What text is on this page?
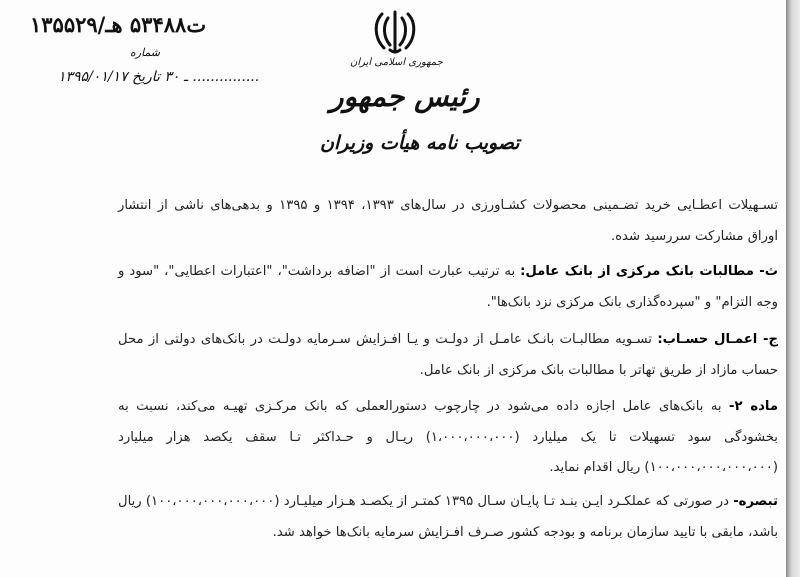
۱۳۵۵۲۹/ت۵۳۴۸۸ هـ
شماره
۱۳۹۵/۰۱/۱۷ ـ ۳۰ تاریخ ...............
جمهوری اسلامی ایران
رئیس جمهور
تصویب نامه هیأت وزیران
تسـهیلات اعطـایی خرید تضـمینی محصولات کشـاورزی در سال‌های ۱۳۹۳، ۱۳۹۴ و ۱۳۹۵ و بدهی‌های ناشی از انتشار اوراق مشارکت سررسید شده.
ث- مطالبات بانک مرکزی از بانک عامل: به ترتیب عبارت است از "اضافه برداشت"، "اعتبارات اعطایی"، "سود و وجه التزام" و "سپرده‌گذاری بانک مرکزی نزد بانک‌ها".
ج- اعمـال حسـاب: تسـویه مطالبـات بانـک عامـل از دولـت و یـا افـزایش سـرمایه دولـت در بانک‌های دولتی از محل حساب مازاد از طریق تهاتر با مطالبات بانک مرکزی از بانک عامل.
ماده ۲- به بانک‌های عامل اجازه داده می‌شود در چارچوب دستورالعملی که بانک مرکـزی تهیـه می‌کند، نسبت به بخشودگی سود تسهیلات تا یک میلیارد (۱،۰۰۰،۰۰۰،۰۰۰) ریـال و حـداکثر تـا سقف یکصد هزار میلیارد (۱۰۰،۰۰۰،۰۰۰،۰۰۰،۰۰۰) ریال اقدام نماید.
تبصره- در صورتی که عملکـرد ایـن بنـد تـا پایـان سـال ۱۳۹۵ کمتـر از یکصـد هـزار میلیـارد (۱۰۰،۰۰۰،۰۰۰،۰۰۰،۰۰۰) ریال باشد، مابقی با تایید سازمان برنامه و بودجه کشور صـرف افـزایش سرمایه بانک‌ها خواهد شد.
